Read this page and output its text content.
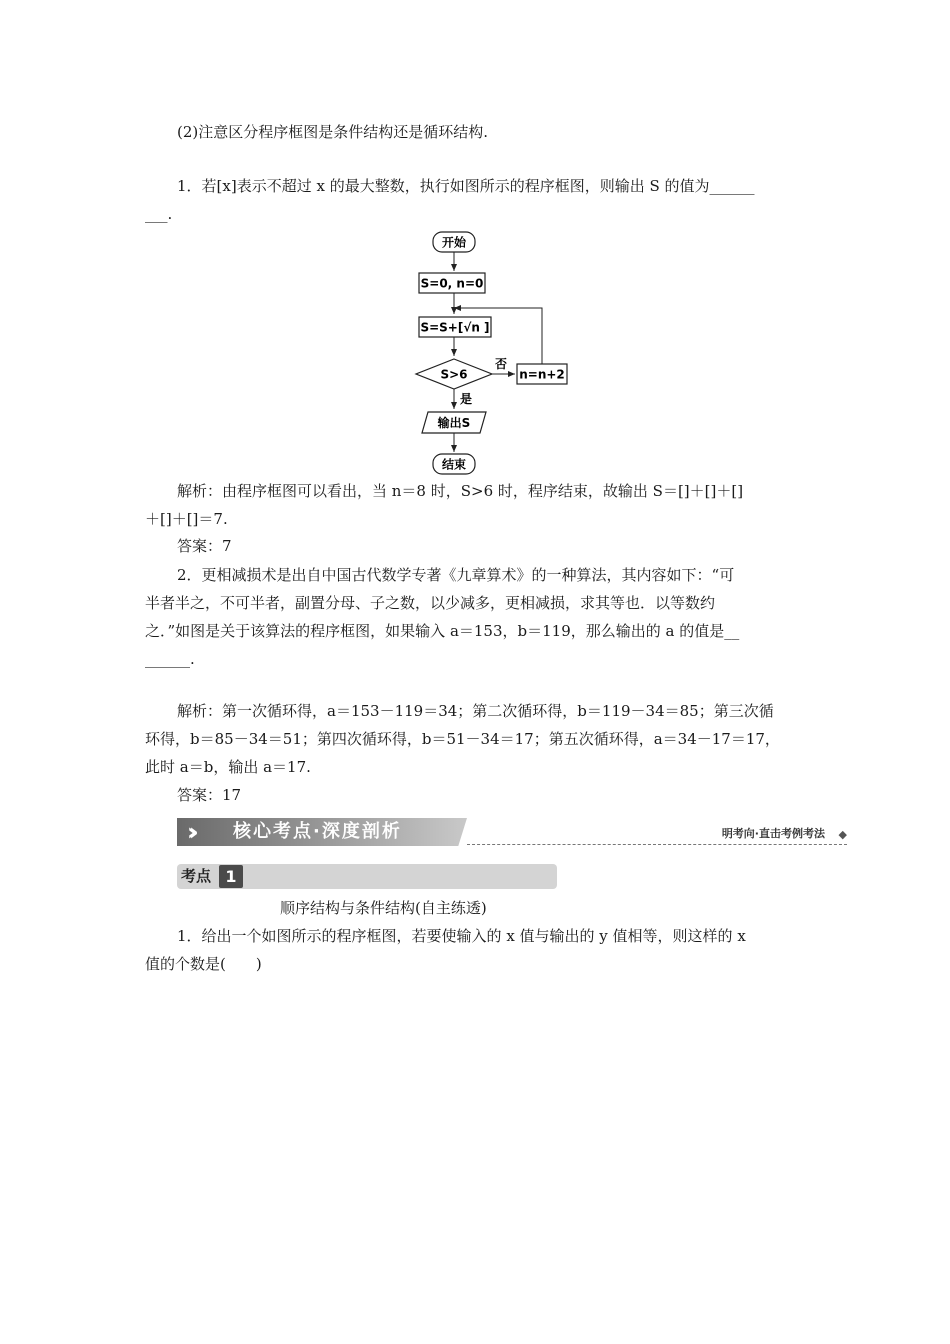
(2)注意区分程序框图是条件结构还是循环结构.
1．若[x]表示不超过 x 的最大整数，执行如图所示的程序框图，则输出 S 的值为______
___.
开始
S=0, n=0
S=S+[√n ]
S>6
否
n=n+2
是
输出S
结束
解析：由程序框图可以看出，当 n＝8 时，S>6 时，程序结束，故输出 S＝[]＋[]＋[]
＋[]＋[]＝7.
答案：7
2．更相减损术是出自中国古代数学专著《九章算术》的一种算法，其内容如下：“可
半者半之，不可半者，副置分母、子之数，以少减多，更相减损，求其等也．以等数约
之．”如图是关于该算法的程序框图，如果输入 a＝153，b＝119，那么输出的 a 的值是__
______.
解析：第一次循环得，a＝153－119＝34；第二次循环得，b＝119－34＝85；第三次循
环得，b＝85－34＝51；第四次循环得，b＝51－34＝17；第五次循环得，a＝34－17＝17，
此时 a＝b，输出 a＝17.
答案：17
›› 核心考点·深度剖析	明考向·直击考例考法 ◆
考点 1
顺序结构与条件结构(自主练透)
1．给出一个如图所示的程序框图，若要使输入的 x 值与输出的 y 值相等，则这样的 x
值的个数是(　　)
